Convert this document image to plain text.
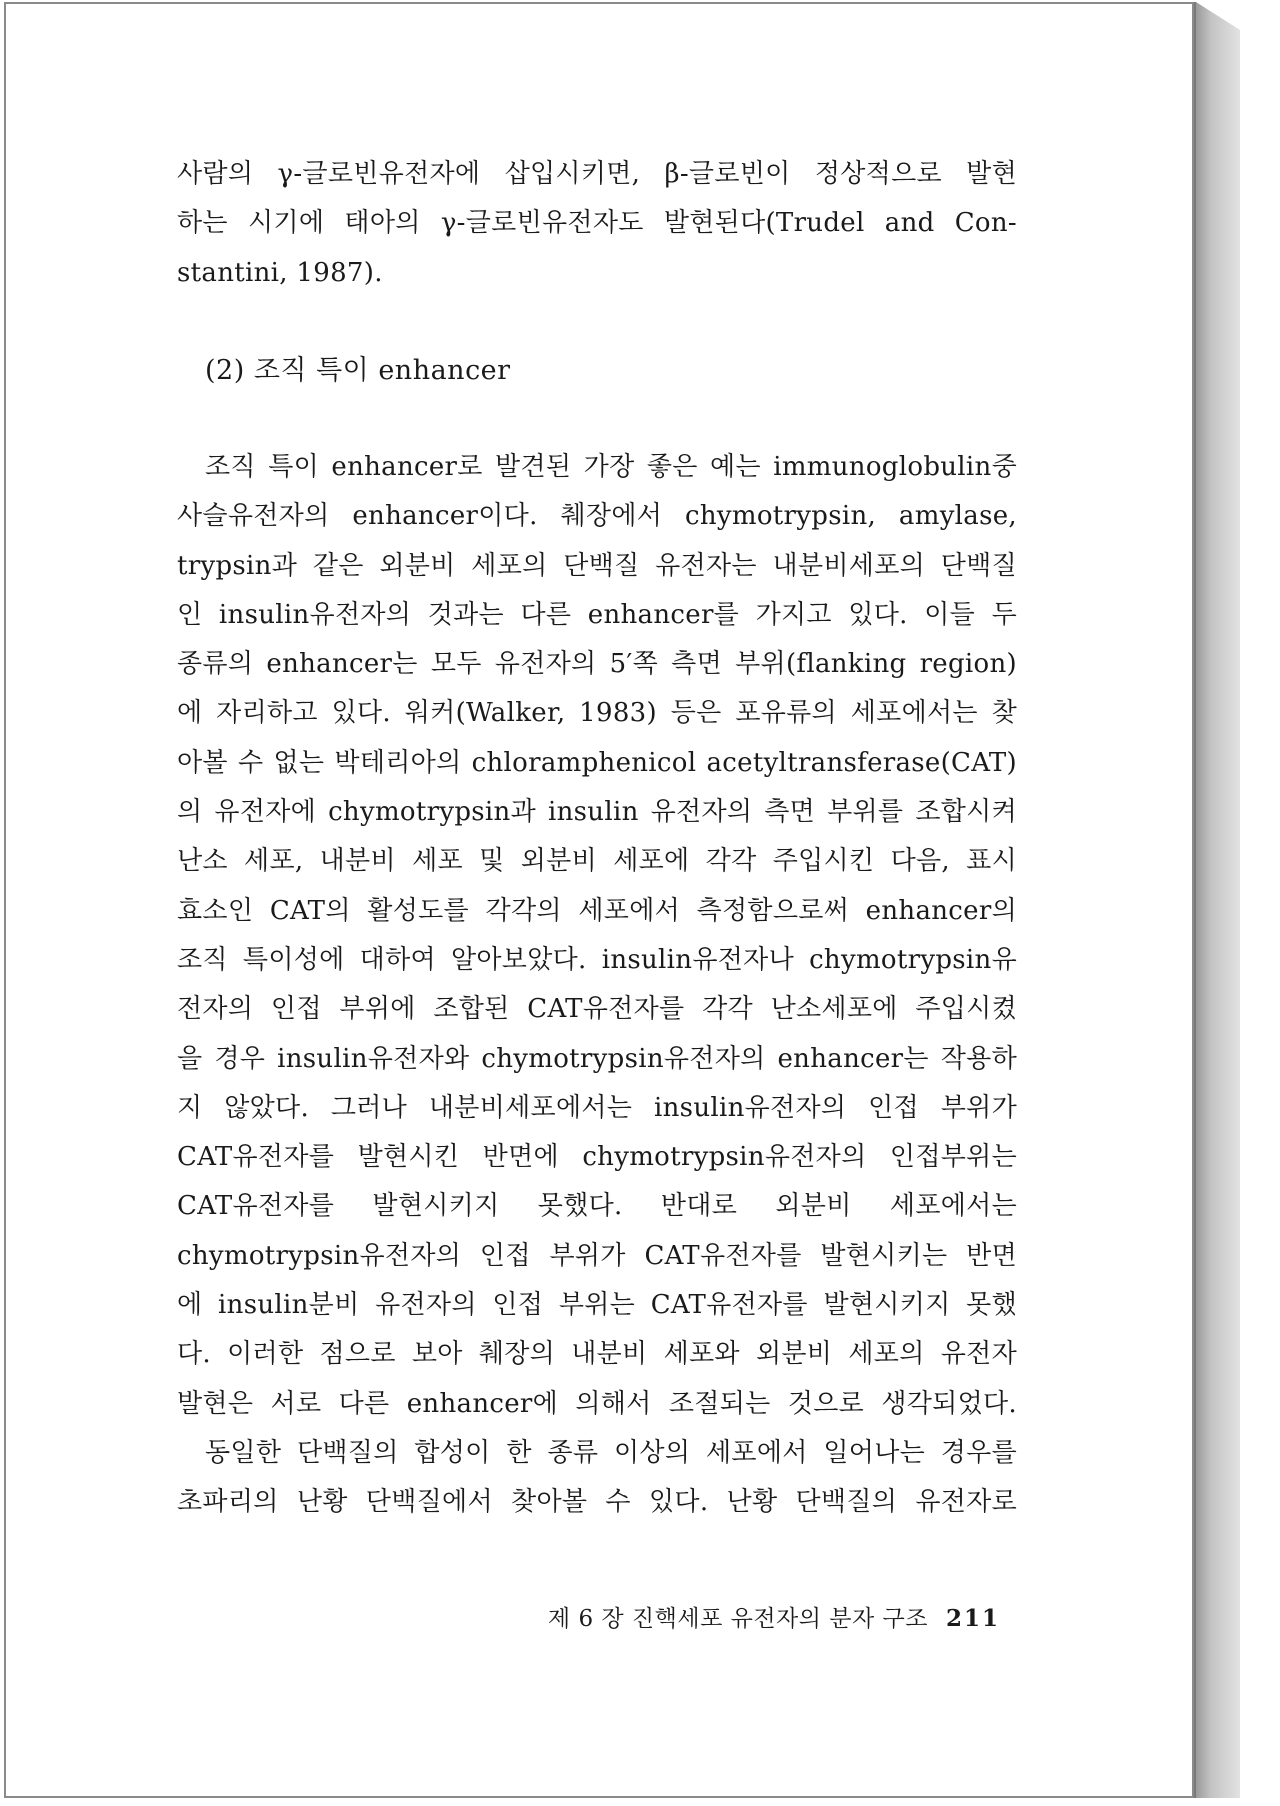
사람의 γ-글로빈유전자에 삽입시키면, β-글로빈이 정상적으로 발현
하는 시기에 태아의 γ-글로빈유전자도 발현된다(Trudel and Con-
stantini, 1987).
(2) 조직 특이 enhancer
조직 특이 enhancer로 발견된 가장 좋은 예는 immunoglobulin중
사슬유전자의 enhancer이다. 췌장에서 chymotrypsin, amylase,
trypsin과 같은 외분비 세포의 단백질 유전자는 내분비세포의 단백질
인 insulin유전자의 것과는 다른 enhancer를 가지고 있다. 이들 두
종류의 enhancer는 모두 유전자의 5′쪽 측면 부위(flanking region)
에 자리하고 있다. 워커(Walker, 1983) 등은 포유류의 세포에서는 찾
아볼 수 없는 박테리아의 chloramphenicol acetyltransferase(CAT)
의 유전자에 chymotrypsin과 insulin 유전자의 측면 부위를 조합시켜
난소 세포, 내분비 세포 및 외분비 세포에 각각 주입시킨 다음, 표시
효소인 CAT의 활성도를 각각의 세포에서 측정함으로써 enhancer의
조직 특이성에 대하여 알아보았다. insulin유전자나 chymotrypsin유
전자의 인접 부위에 조합된 CAT유전자를 각각 난소세포에 주입시켰
을 경우 insulin유전자와 chymotrypsin유전자의 enhancer는 작용하
지 않았다. 그러나 내분비세포에서는 insulin유전자의 인접 부위가
CAT유전자를 발현시킨 반면에 chymotrypsin유전자의 인접부위는
CAT유전자를 발현시키지 못했다. 반대로 외분비 세포에서는
chymotrypsin유전자의 인접 부위가 CAT유전자를 발현시키는 반면
에 insulin분비 유전자의 인접 부위는 CAT유전자를 발현시키지 못했
다. 이러한 점으로 보아 췌장의 내분비 세포와 외분비 세포의 유전자
발현은 서로 다른 enhancer에 의해서 조절되는 것으로 생각되었다.
동일한 단백질의 합성이 한 종류 이상의 세포에서 일어나는 경우를
초파리의 난황 단백질에서 찾아볼 수 있다. 난황 단백질의 유전자로
제 6 장 진핵세포 유전자의 분자 구조 211
